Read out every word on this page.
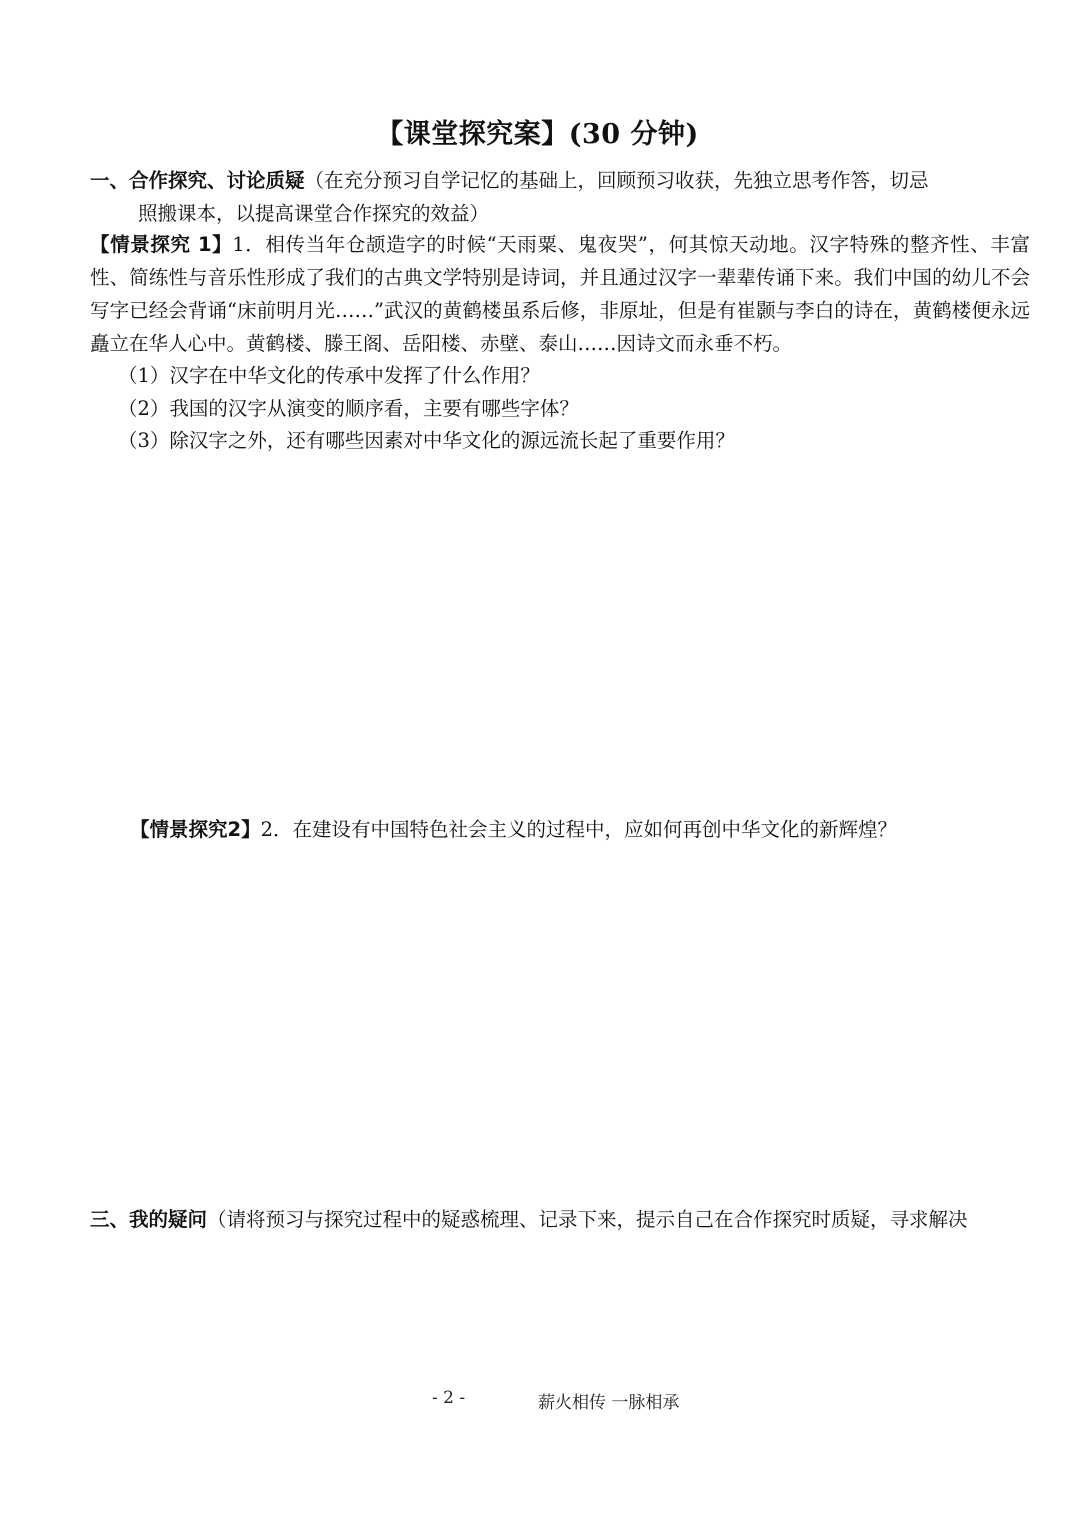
【课堂探究案】(30 分钟)
一、合作探究、讨论质疑（在充分预习自学记忆的基础上，回顾预习收获，先独立思考作答，切忌
照搬课本，以提高课堂合作探究的效益）
【情景探究 1】1．相传当年仓颉造字的时候“天雨粟、鬼夜哭”，何其惊天动地。汉字特殊的整齐性、丰富性、简练性与音乐性形成了我们的古典文学特别是诗词，并且通过汉字一辈辈传诵下来。我们中国的幼儿不会写字已经会背诵“床前明月光……”武汉的黄鹤楼虽系后修，非原址，但是有崔颢与李白的诗在，黄鹤楼便永远矗立在华人心中。黄鹤楼、滕王阁、岳阳楼、赤壁、泰山……因诗文而永垂不朽。
（1）汉字在中华文化的传承中发挥了什么作用？
（2）我国的汉字从演变的顺序看，主要有哪些字体？
（3）除汉字之外，还有哪些因素对中华文化的源远流长起了重要作用？
【情景探究2】2．在建设有中国特色社会主义的过程中，应如何再创中华文化的新辉煌？
三、我的疑问（请将预习与探究过程中的疑惑梳理、记录下来，提示自己在合作探究时质疑，寻求解决
- 2 -	薪火相传 一脉相承
